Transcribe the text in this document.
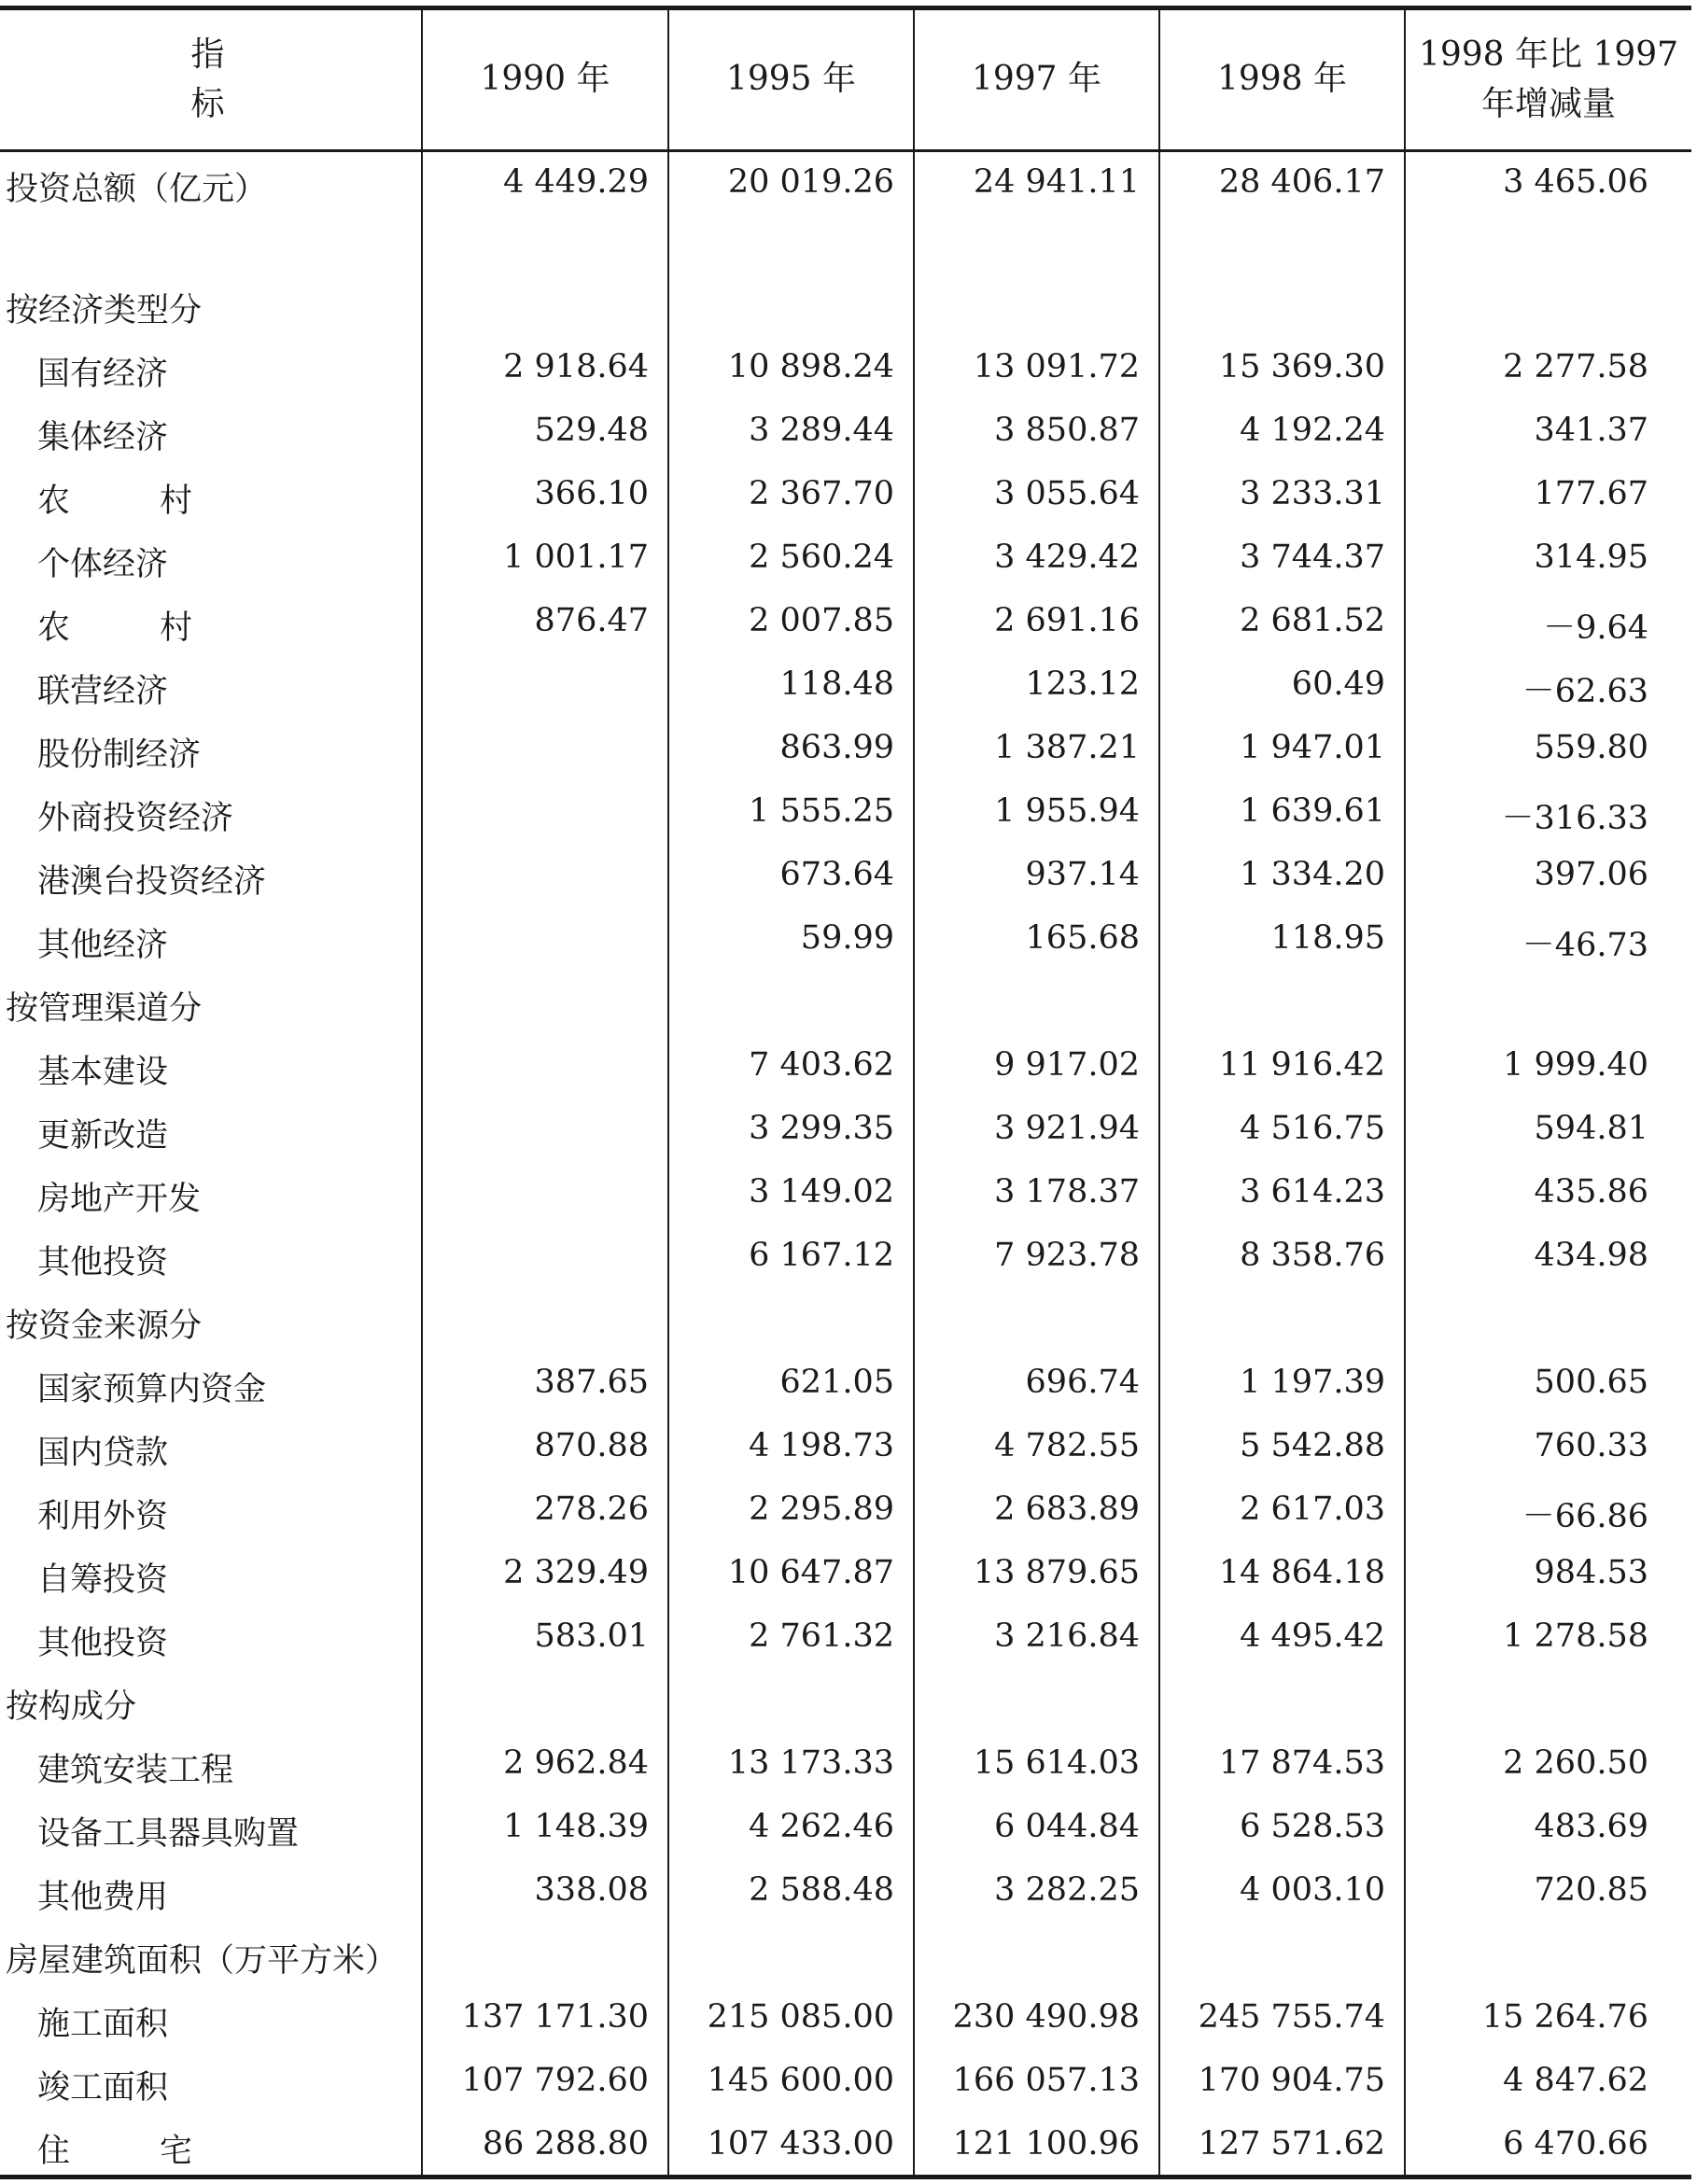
指　　标	1990 年	1995 年	1997 年	1998 年	1998 年比 1997
年增减量

投资总额（亿元）	4 449.29	20 019.26	24 941.11	28 406.17	3 465.06
按经济类型分					
国有经济	2 918.64	10 898.24	13 091.72	15 369.30	2 277.58
集体经济	529.48	3 289.44	3 850.87	4 192.24	341.37
农村	366.10	2 367.70	3 055.64	3 233.31	177.67
个体经济	1 001.17	2 560.24	3 429.42	3 744.37	314.95
农村	876.47	2 007.85	2 691.16	2 681.52	－9.64
联营经济		118.48	123.12	60.49	－62.63
股份制经济		863.99	1 387.21	1 947.01	559.80
外商投资经济		1 555.25	1 955.94	1 639.61	－316.33
港澳台投资经济		673.64	937.14	1 334.20	397.06
其他经济		59.99	165.68	118.95	－46.73
按管理渠道分					
基本建设		7 403.62	9 917.02	11 916.42	1 999.40
更新改造		3 299.35	3 921.94	4 516.75	594.81
房地产开发		3 149.02	3 178.37	3 614.23	435.86
其他投资		6 167.12	7 923.78	8 358.76	434.98
按资金来源分					
国家预算内资金	387.65	621.05	696.74	1 197.39	500.65
国内贷款	870.88	4 198.73	4 782.55	5 542.88	760.33
利用外资	278.26	2 295.89	2 683.89	2 617.03	－66.86
自筹投资	2 329.49	10 647.87	13 879.65	14 864.18	984.53
其他投资	583.01	2 761.32	3 216.84	4 495.42	1 278.58
按构成分					
建筑安装工程	2 962.84	13 173.33	15 614.03	17 874.53	2 260.50
设备工具器具购置	1 148.39	4 262.46	6 044.84	6 528.53	483.69
其他费用	338.08	2 588.48	3 282.25	4 003.10	720.85
房屋建筑面积（万平方米）					
施工面积	137 171.30	215 085.00	230 490.98	245 755.74	15 264.76
竣工面积	107 792.60	145 600.00	166 057.13	170 904.75	4 847.62
住宅	86 288.80	107 433.00	121 100.96	127 571.62	6 470.66
